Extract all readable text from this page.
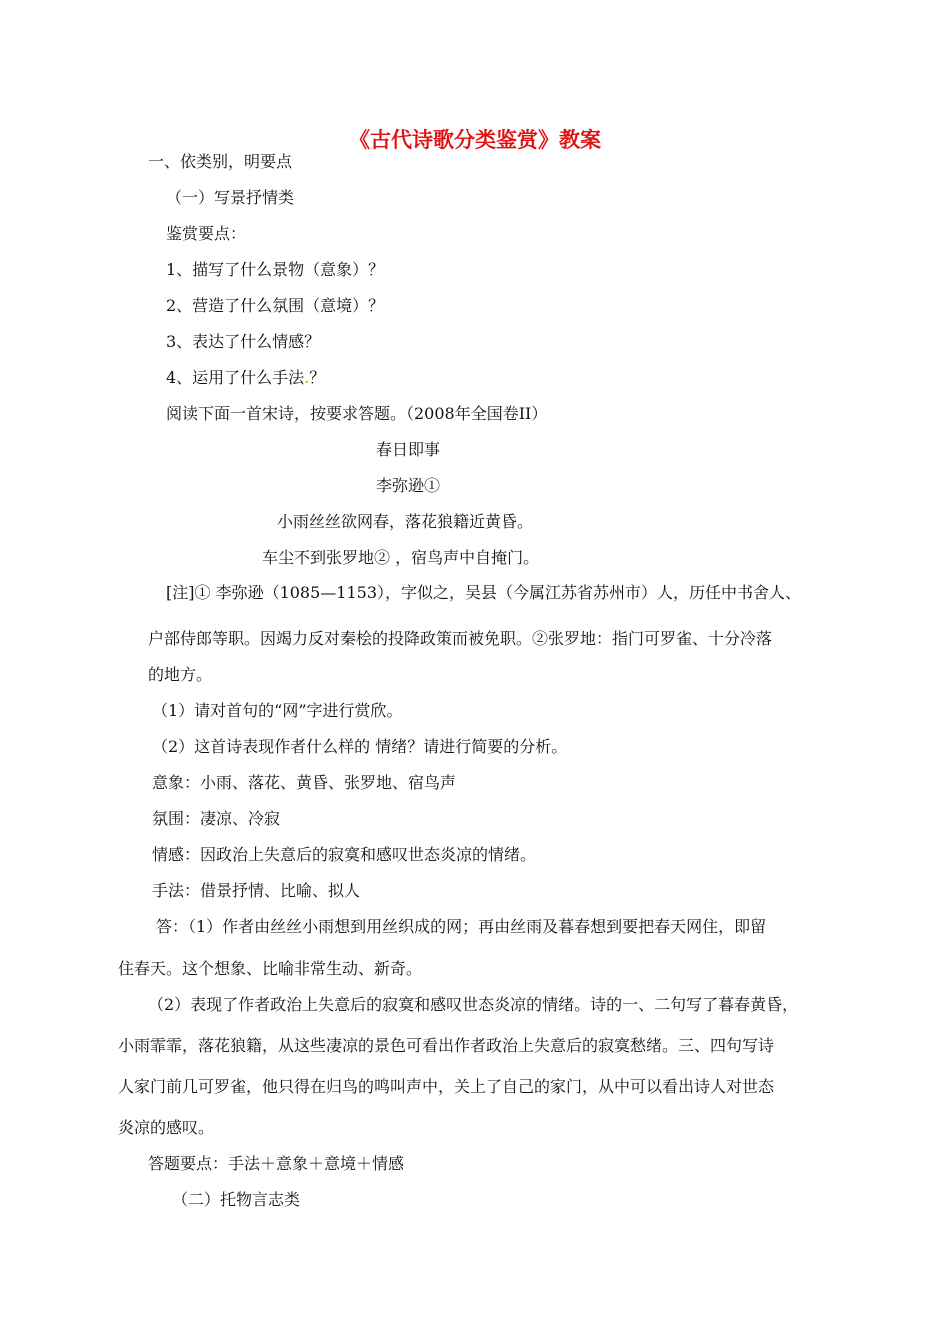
《古代诗歌分类鉴赏》教案
一、依类别，明要点
（一）写景抒情类
鉴赏要点：
1、描写了什么景物（意象）？
2、营造了什么氛围（意境）？
3、表达了什么情感？
4、运用了什么手法.？
阅读下面一首宋诗，按要求答题。（2008年全国卷II）
春日即事
李弥逊①
小雨丝丝欲网春，落花狼籍近黄昏。
车尘不到张罗地② ，宿鸟声中自掩门。
[注]① 李弥逊（1085—1153），字似之，吴县（今属江苏省苏州市）人，历任中书舍人、
户部侍郎等职。因竭力反对秦桧的投降政策而被免职。②张罗地：指门可罗雀、十分冷落
的地方。
（1）请对首句的“网”字进行赏欣。
（2）这首诗表现作者什么样的 情绪？请进行简要的分析。
意象：小雨、落花、黄昏、张罗地、宿鸟声
氛围：凄凉、冷寂
情感：因政治上失意后的寂寞和感叹世态炎凉的情绪。
手法：借景抒情、比喻、拟人
答：（1）作者由丝丝小雨想到用丝织成的网；再由丝雨及暮春想到要把春天网住，即留
住春天。这个想象、比喻非常生动、新奇。
（2）表现了作者政治上失意后的寂寞和感叹世态炎凉的情绪。诗的一、二句写了暮春黄昏，
小雨霏霏，落花狼籍，从这些凄凉的景色可看出作者政治上失意后的寂寞愁绪。三、四句写诗
人家门前几可罗雀，他只得在归鸟的鸣叫声中，关上了自己的家门，从中可以看出诗人对世态
炎凉的感叹。
答题要点：手法＋意象＋意境＋情感
（二）托物言志类
